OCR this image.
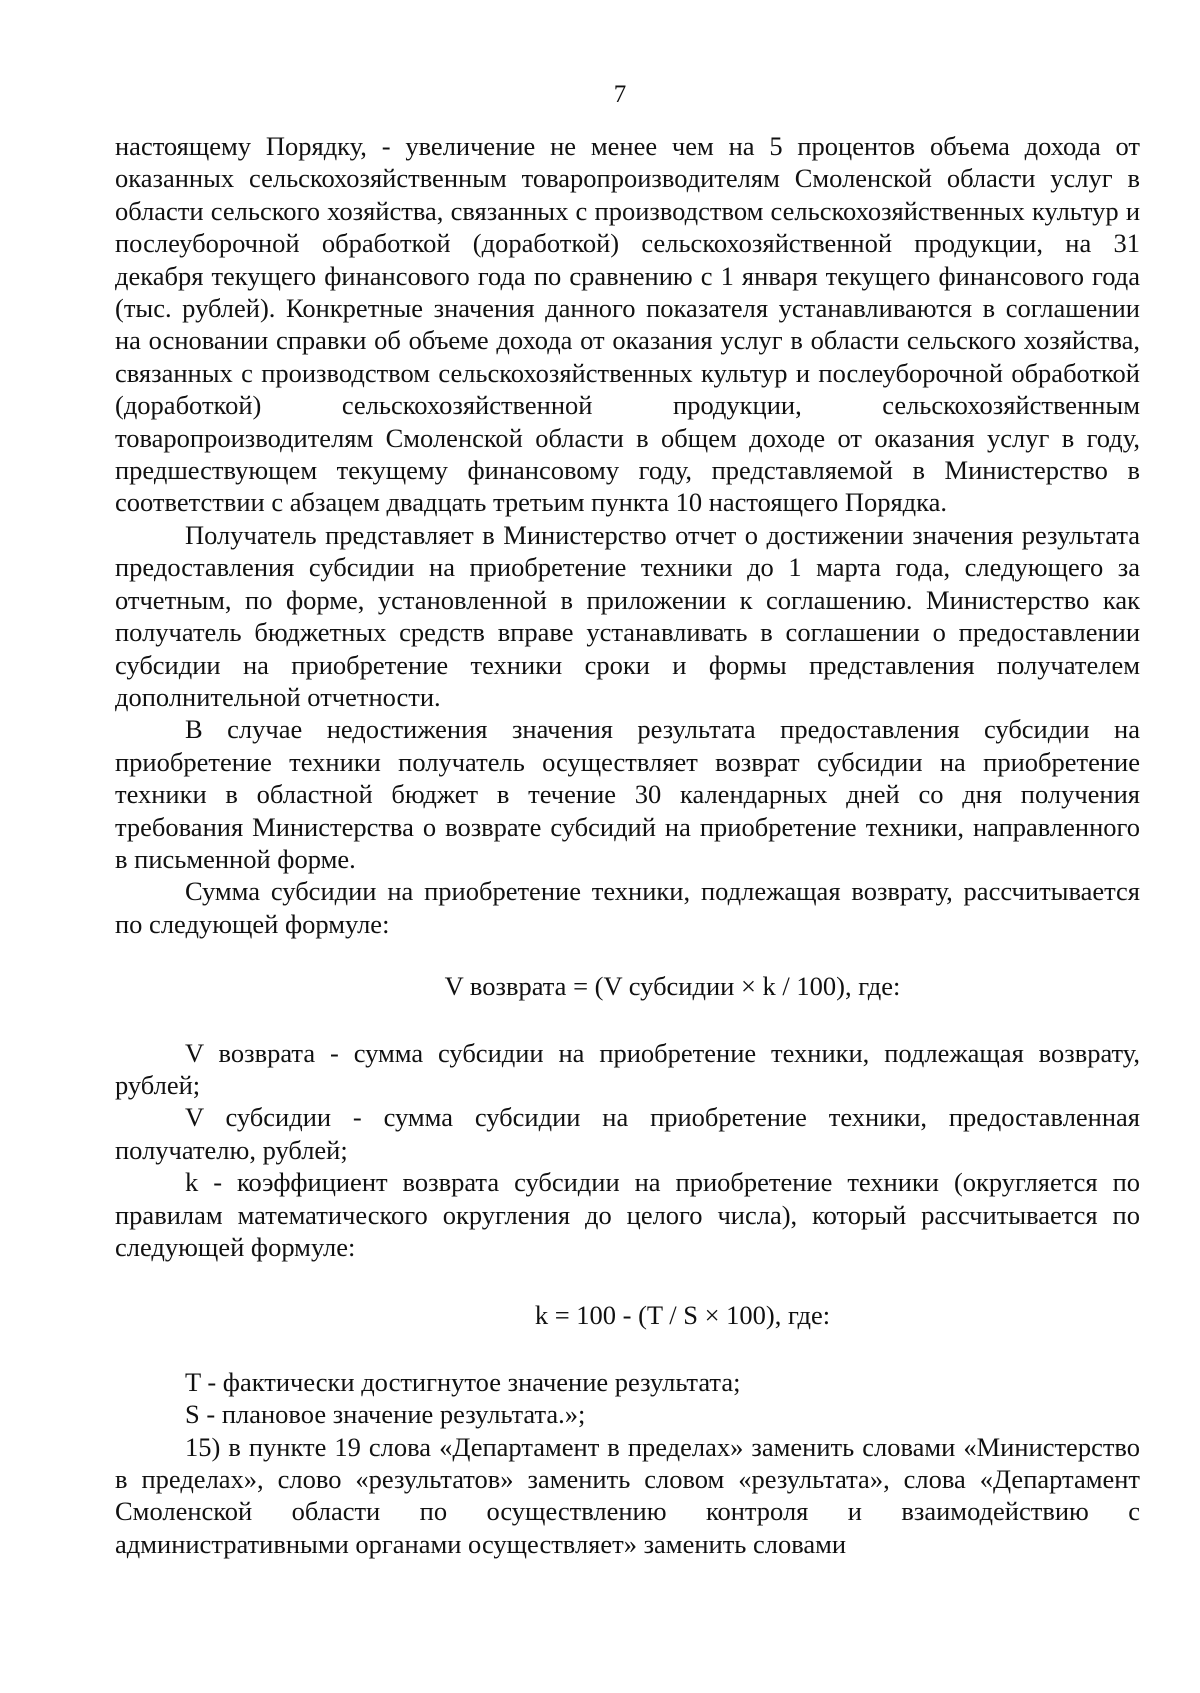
7

настоящему Порядку, - увеличение не менее чем на 5 процентов объема дохода от оказанных сельскохозяйственным товаропроизводителям Смоленской области услуг в области сельского хозяйства, связанных с производством сельскохозяйственных культур и послеуборочной обработкой (доработкой) сельскохозяйственной продукции, на 31 декабря текущего финансового года по сравнению с 1 января текущего финансового года (тыс. рублей). Конкретные значения данного показателя устанавливаются в соглашении на основании справки об объеме дохода от оказания услуг в области сельского хозяйства, связанных с производством сельскохозяйственных культур и послеуборочной обработкой (доработкой) сельскохозяйственной продукции, сельскохозяйственным товаропроизводителям Смоленской области в общем доходе от оказания услуг в году, предшествующем текущему финансовому году, представляемой в Министерство в соответствии с абзацем двадцать третьим пункта 10 настоящего Порядка.

Получатель представляет в Министерство отчет о достижении значения результата предоставления субсидии на приобретение техники до 1 марта года, следующего за отчетным, по форме, установленной в приложении к соглашению. Министерство как получатель бюджетных средств вправе устанавливать в соглашении о предоставлении субсидии на приобретение техники сроки и формы представления получателем дополнительной отчетности.

В случае недостижения значения результата предоставления субсидии на приобретение техники получатель осуществляет возврат субсидии на приобретение техники в областной бюджет в течение 30 календарных дней со дня получения требования Министерства о возврате субсидий на приобретение техники, направленного в письменной форме.

Сумма субсидии на приобретение техники, подлежащая возврату, рассчитывается по следующей формуле:

V возврата = (V субсидии × k / 100), где:

V возврата - сумма субсидии на приобретение техники, подлежащая возврату, рублей;

V субсидии - сумма субсидии на приобретение техники, предоставленная получателю, рублей;

k - коэффициент возврата субсидии на приобретение техники (округляется по правилам математического округления до целого числа), который рассчитывается по следующей формуле:

k = 100 - (T / S × 100), где:

T - фактически достигнутое значение результата;

S - плановое значение результата.»;

15) в пункте 19 слова «Департамент в пределах» заменить словами «Министерство в пределах», слово «результатов» заменить словом «результата», слова «Департамент Смоленской области по осуществлению контроля и взаимодействию с административными органами осуществляет» заменить словами
